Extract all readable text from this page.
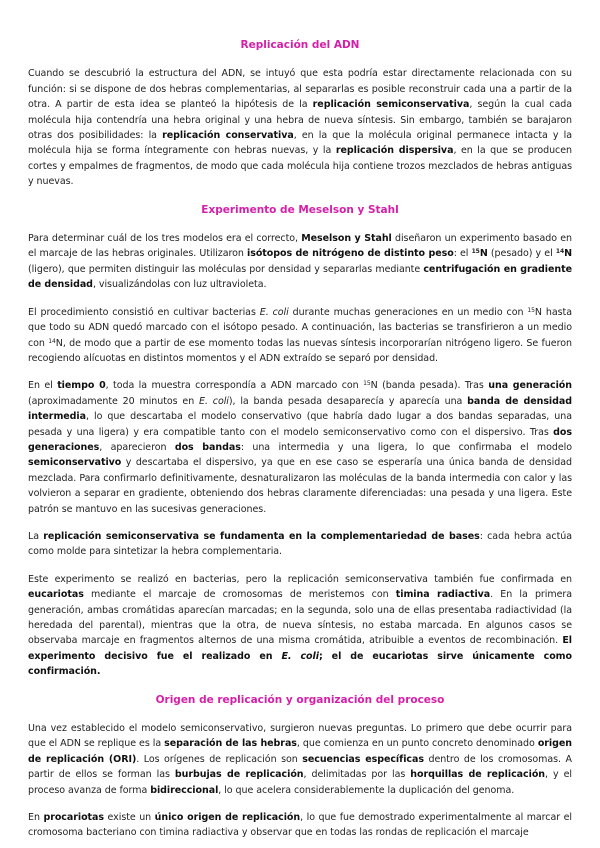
Replicación del ADN

Cuando se descubrió la estructura del ADN, se intuyó que esta podría estar directamente relacionada con su función: si se dispone de dos hebras complementarias, al separarlas es posible reconstruir cada una a partir de la otra. A partir de esta idea se planteó la hipótesis de la replicación semiconservativa, según la cual cada molécula hija contendría una hebra original y una hebra de nueva síntesis. Sin embargo, también se barajaron otras dos posibilidades: la replicación conservativa, en la que la molécula original permanece intacta y la molécula hija se forma íntegramente con hebras nuevas, y la replicación dispersiva, en la que se producen cortes y empalmes de fragmentos, de modo que cada molécula hija contiene trozos mezclados de hebras antiguas y nuevas.

Experimento de Meselson y Stahl

Para determinar cuál de los tres modelos era el correcto, Meselson y Stahl diseñaron un experimento basado en el marcaje de las hebras originales. Utilizaron isótopos de nitrógeno de distinto peso: el $^{15}$N (pesado) y el $^{14}$N (ligero), que permiten distinguir las moléculas por densidad y separarlas mediante centrifugación en gradiente de densidad, visualizándolas con luz ultravioleta.

El procedimiento consistió en cultivar bacterias E. coli durante muchas generaciones en un medio con $^{15}$N hasta que todo su ADN quedó marcado con el isótopo pesado. A continuación, las bacterias se transfirieron a un medio con $^{14}$N, de modo que a partir de ese momento todas las nuevas síntesis incorporarían nitrógeno ligero. Se fueron recogiendo alícuotas en distintos momentos y el ADN extraído se separó por densidad.

En el tiempo 0, toda la muestra correspondía a ADN marcado con $^{15}$N (banda pesada). Tras una generación (aproximadamente 20 minutos en E. coli), la banda pesada desaparecía y aparecía una banda de densidad intermedia, lo que descartaba el modelo conservativo (que habría dado lugar a dos bandas separadas, una pesada y una ligera) y era compatible tanto con el modelo semiconservativo como con el dispersivo. Tras dos generaciones, aparecieron dos bandas: una intermedia y una ligera, lo que confirmaba el modelo semiconservativo y descartaba el dispersivo, ya que en ese caso se esperaría una única banda de densidad mezclada. Para confirmarlo definitivamente, desnaturalizaron las moléculas de la banda intermedia con calor y las volvieron a separar en gradiente, obteniendo dos hebras claramente diferenciadas: una pesada y una ligera. Este patrón se mantuvo en las sucesivas generaciones.

La replicación semiconservativa se fundamenta en la complementariedad de bases: cada hebra actúa como molde para sintetizar la hebra complementaria.

Este experimento se realizó en bacterias, pero la replicación semiconservativa también fue confirmada en eucariotas mediante el marcaje de cromosomas de meristemos con timina radiactiva. En la primera generación, ambas cromátidas aparecían marcadas; en la segunda, solo una de ellas presentaba radiactividad (la heredada del parental), mientras que la otra, de nueva síntesis, no estaba marcada. En algunos casos se observaba marcaje en fragmentos alternos de una misma cromátida, atribuible a eventos de recombinación. El experimento decisivo fue el realizado en E. coli; el de eucariotas sirve únicamente como confirmación.

Origen de replicación y organización del proceso

Una vez establecido el modelo semiconservativo, surgieron nuevas preguntas. Lo primero que debe ocurrir para que el ADN se replique es la separación de las hebras, que comienza en un punto concreto denominado origen de replicación (ORI). Los orígenes de replicación son secuencias específicas dentro de los cromosomas. A partir de ellos se forman las burbujas de replicación, delimitadas por las horquillas de replicación, y el proceso avanza de forma bidireccional, lo que acelera considerablemente la duplicación del genoma.

En procariotas existe un único origen de replicación, lo que fue demostrado experimentalmente al marcar el cromosoma bacteriano con timina radiactiva y observar que en todas las rondas de replicación el marcaje
